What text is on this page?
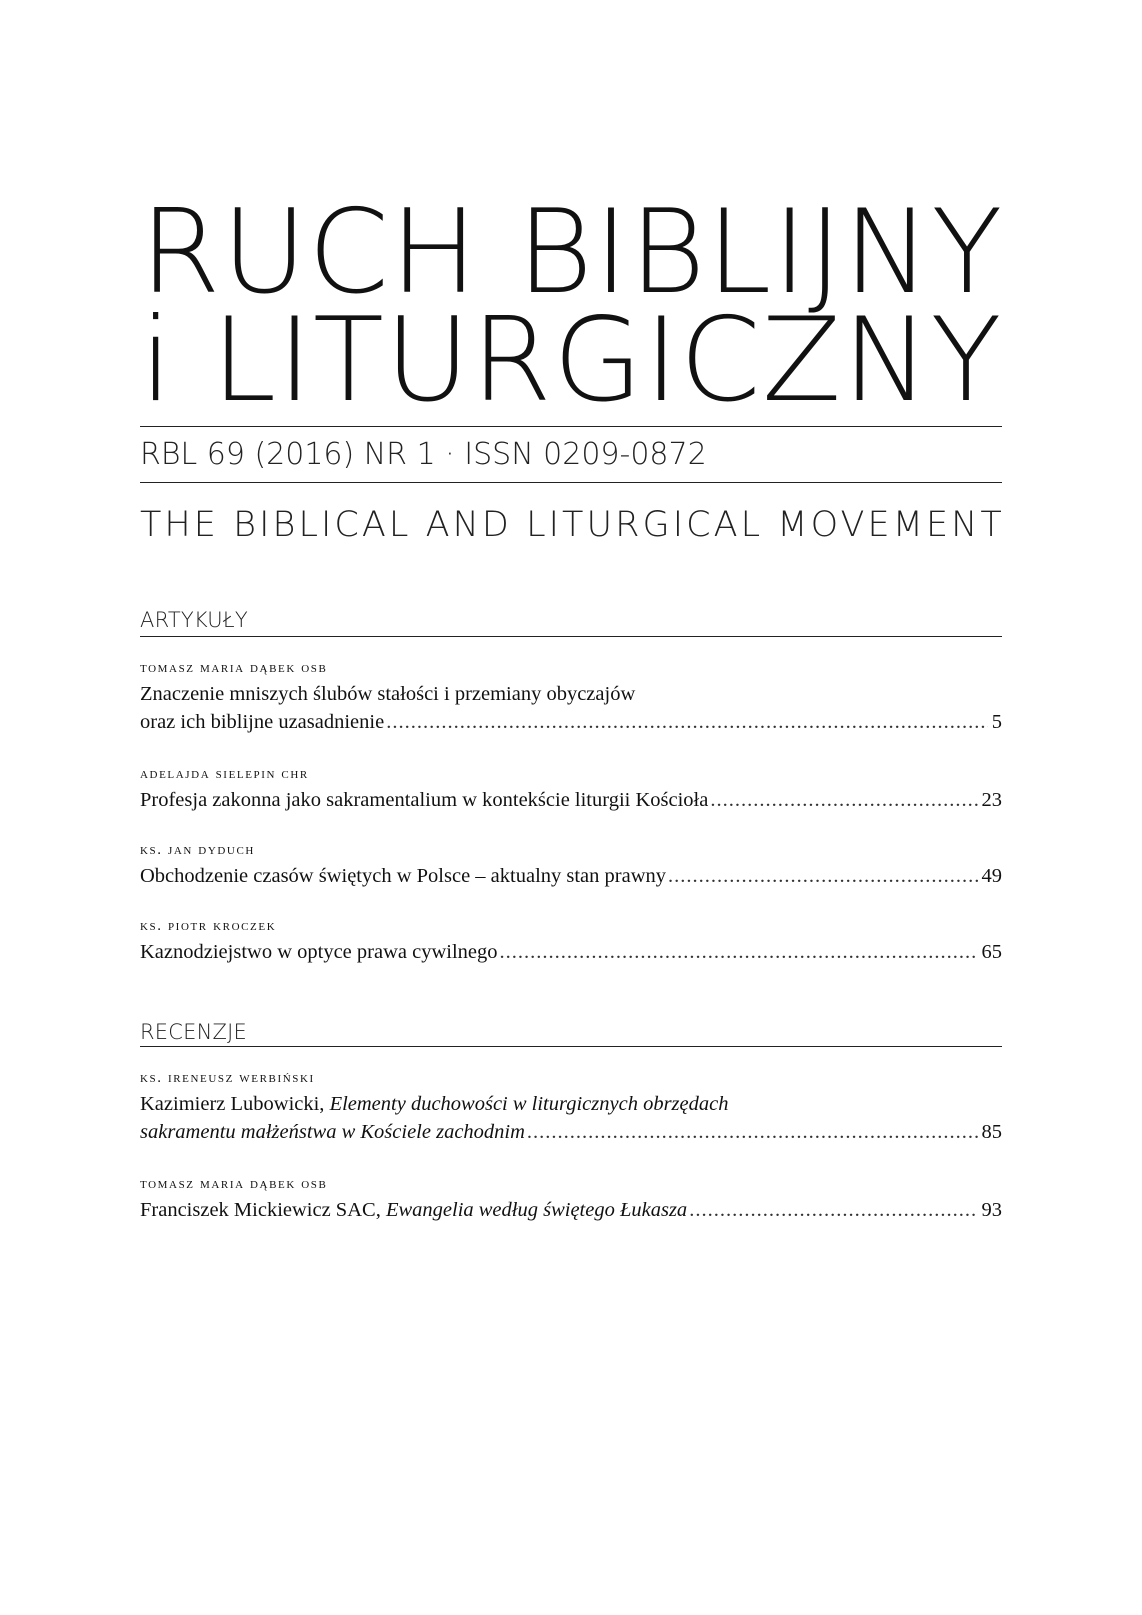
RUCH BIBLIJNY
i LITURGICZNY
RBL 69 (2016) NR 1 · ISSN 0209-0872
THE BIBLICAL AND LITURGICAL MOVEMENT
ARTYKUŁY
tomasz maria dąbek osb
Znaczenie mniszych ślubów stałości i przemiany obyczajów
oraz ich biblijne uzasadnienie .....	5
adelajda sielepin chr
Profesja zakonna jako sakramentalium w kontekście liturgii Kościoła .....	23
ks. jan dyduch
Obchodzenie czasów świętych w Polsce – aktualny stan prawny .....	49
ks. piotr kroczek
Kaznodziejstwo w optyce prawa cywilnego .....	65
RECENZJE
ks. ireneusz werbiński
Kazimierz Lubowicki, Elementy duchowości w liturgicznych obrzędach
sakramentu małżeństwa w Kościele zachodnim .....	85
tomasz maria dąbek osb
Franciszek Mickiewicz SAC, Ewangelia według świętego Łukasza .....	93
